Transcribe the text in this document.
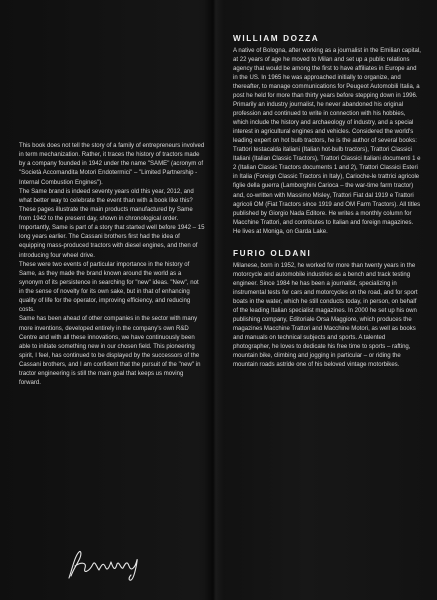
This book does not tell the story of a family of entrepreneurs involved in term mechanization. Rather, it traces the history of tractors made by a company founded in 1942 under the name "SAME" (acronym of "Società Accomandita Motori Endotermici" – "Limited Partnership - Internal Combustion Engines").

The Same brand is indeed seventy years old this year, 2012, and what better way to celebrate the event than with a book like this?

These pages illustrate the main products manufactured by Same from 1942 to the present day, shown in chronological order. Importantly, Same is part of a story that started well before 1942 – 15 long years earlier. The Cassani brothers first had the idea of equipping mass-produced tractors with diesel engines, and then of introducing four wheel drive.

These were two events of particular importance in the history of Same, as they made the brand known around the world as a synonym of its persistence in searching for "new" ideas. "New", not in the sense of novelty for its own sake, but in that of enhancing quality of life for the operator, improving efficiency, and reducing costs.

Same has been ahead of other companies in the sector with many more inventions, developed entirely in the company's own R&D Centre and with all these innovations, we have continuously been able to initiate something new in our chosen field. This pioneering spirit, I feel, has continued to be displayed by the successors of the Cassani brothers, and I am confident that the pursuit of the "new" in tractor engineering is still the main goal that keeps us moving forward.

WILLIAM DOZZA

A native of Bologna, after working as a journalist in the Emilian capital, at 22 years of age he moved to Milan and set up a public relations agency that would be among the first to have affiliates in Europe and in the US. In 1965 he was approached initially to organize, and thereafter, to manage communications for Peugeot Automobili Italia, a post he held for more than thirty years before stepping down in 1996. Primarily an industry journalist, he never abandoned his original profession and continued to write in connection with his hobbies, which include the history and archaeology of industry, and a special interest in agricultural engines and vehicles. Considered the world's leading expert on hot bulb tractors, he is the author of several books: Trattori testacalda italiani (Italian hot-bulb tractors), Trattori Classici Italiani (Italian Classic Tractors), Trattori Classici Italiani documenti 1 e 2 (Italian Classic Tractors documents 1 and 2), Trattori Classici Esteri in Italia (Foreign Classic Tractors in Italy), Carioche-le trattrici agricole figlie della guerra (Lamborghini Carioca – the war-time farm tractor) and, co-written with Massimo Misley, Trattori Fiat dal 1919 e Trattori agricoli OM (Fiat Tractors since 1919 and OM Farm Tractors). All titles published by Giorgio Nada Editore. He writes a monthly column for Macchine Trattori, and contributes to Italian and foreign magazines. He lives at Moniga, on Garda Lake.

FURIO OLDANI

Milanese, born in 1952, he worked for more than twenty years in the motorcycle and automobile industries as a bench and track testing engineer. Since 1984 he has been a journalist, specializing in instrumental tests for cars and motorcycles on the road, and for sport boats in the water, which he still conducts today, in person, on behalf of the leading Italian specialist magazines. In 2000 he set up his own publishing company, Editoriale Orsa Maggiore, which produces the magazines Macchine Trattori and Macchine Motori, as well as books and manuals on technical subjects and sports. A talented photographer, he loves to dedicate his free time to sports – rafting, mountain bike, climbing and jogging in particular – or riding the mountain roads astride one of his beloved vintage motorbikes.
